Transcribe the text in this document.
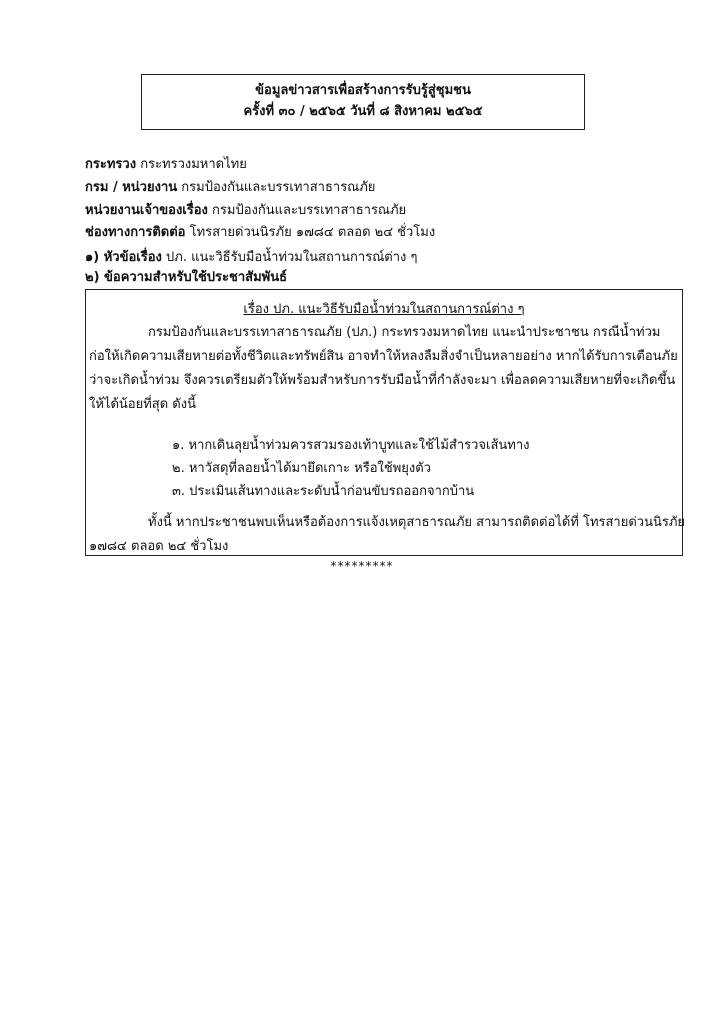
ข้อมูลข่าวสารเพื่อสร้างการรับรู้สู่ชุมชน
ครั้งที่ ๓๐ / ๒๕๖๕ วันที่ ๘ สิงหาคม ๒๕๖๕
กระทรวง กระทรวงมหาดไทย
กรม / หน่วยงาน กรมป้องกันและบรรเทาสาธารณภัย
หน่วยงานเจ้าของเรื่อง กรมป้องกันและบรรเทาสาธารณภัย
ช่องทางการติดต่อ โทรสายด่วนนิรภัย ๑๗๘๔ ตลอด ๒๔ ชั่วโมง
๑) หัวข้อเรื่อง ปภ. แนะวิธีรับมือน้ำท่วมในสถานการณ์ต่าง ๆ
๒) ข้อความสำหรับใช้ประชาสัมพันธ์
เรื่อง ปภ. แนะวิธีรับมือน้ำท่วมในสถานการณ์ต่าง ๆ
กรมป้องกันและบรรเทาสาธารณภัย (ปภ.) กระทรวงมหาดไทย แนะนำประชาชน กรณีน้ำท่วม
ก่อให้เกิดความเสียหายต่อทั้งชีวิตและทรัพย์สิน อาจทำให้หลงลืมสิ่งจำเป็นหลายอย่าง หากได้รับการเตือนภัย
ว่าจะเกิดน้ำท่วม จึงควรเตรียมตัวให้พร้อมสำหรับการรับมือน้ำที่กำลังจะมา เพื่อลดความเสียหายที่จะเกิดขึ้น
ให้ได้น้อยที่สุด ดังนี้
๑. หากเดินลุยน้ำท่วมควรสวมรองเท้าบูทและใช้ไม้สำรวจเส้นทาง
๒. หาวัสดุที่ลอยน้ำได้มายึดเกาะ หรือใช้พยุงตัว
๓. ประเมินเส้นทางและระดับน้ำก่อนขับรถออกจากบ้าน
ทั้งนี้ หากประชาชนพบเห็นหรือต้องการแจ้งเหตุสาธารณภัย สามารถติดต่อได้ที่ โทรสายด่วนนิรภัย
๑๗๘๔ ตลอด ๒๔ ชั่วโมง
*********
